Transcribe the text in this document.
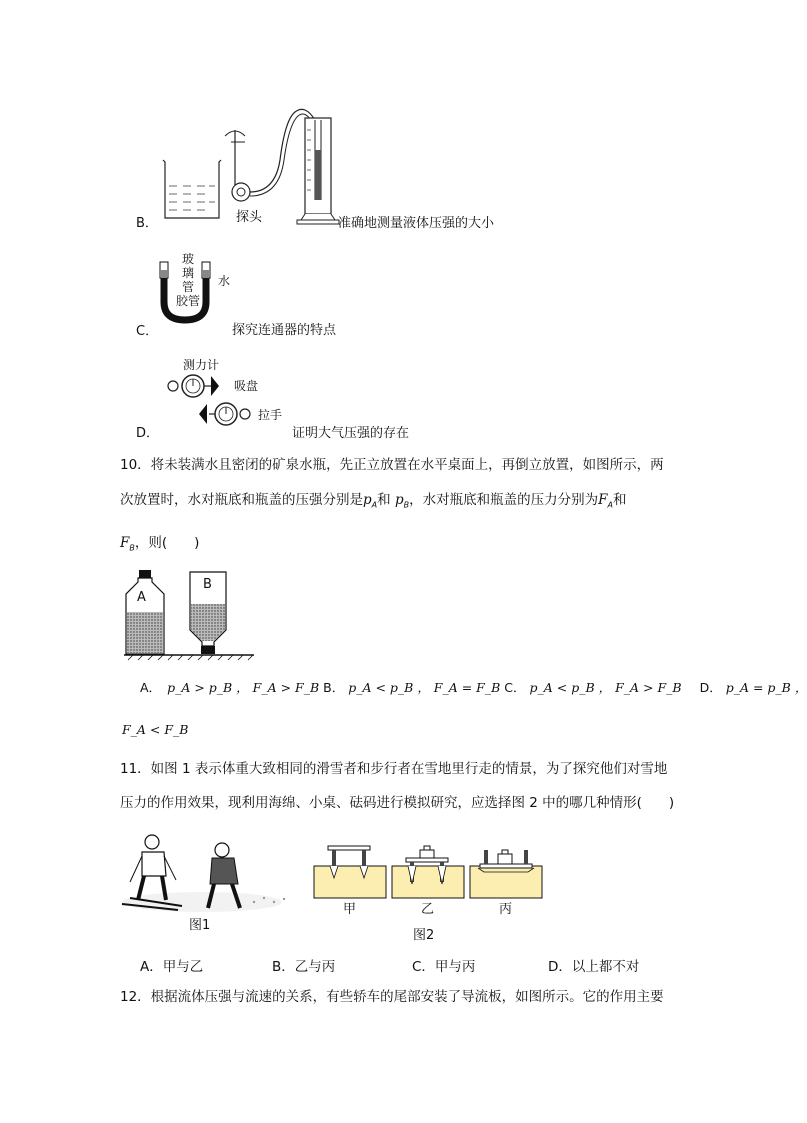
B．	探头	准确地测量液体压强的大小
C．
玻
璃
管
胶管
水
探究连通器的特点
D．
测力计
吸盘
拉手
证明大气压强的存在
10．将未装满水且密闭的矿泉水瓶，先正立放置在水平桌面上，再倒立放置，如图所示，两
次放置时，水对瓶底和瓶盖的压强分别是$p_A$和 $p_B$，水对瓶底和瓶盖的压力分别为$F_A$和
$F_B$，则(　　)
A
B
A． p_A > p_B ， F_A > F_B B． p_A < p_B ， F_A = F_B C． p_A < p_B ， F_A > F_B D． p_A = p_B ，
F_A < F_B
11．如图 1 表示体重大致相同的滑雪者和步行者在雪地里行走的情景，为了探究他们对雪地
压力的作用效果，现利用海绵、小桌、砝码进行模拟研究，应选择图 2 中的哪几种情形(　　)
图1
甲	乙	丙
图2
A．甲与乙	B．乙与丙	C．甲与丙	D．以上都不对
12．根据流体压强与流速的关系，有些轿车的尾部安装了导流板，如图所示。它的作用主要
